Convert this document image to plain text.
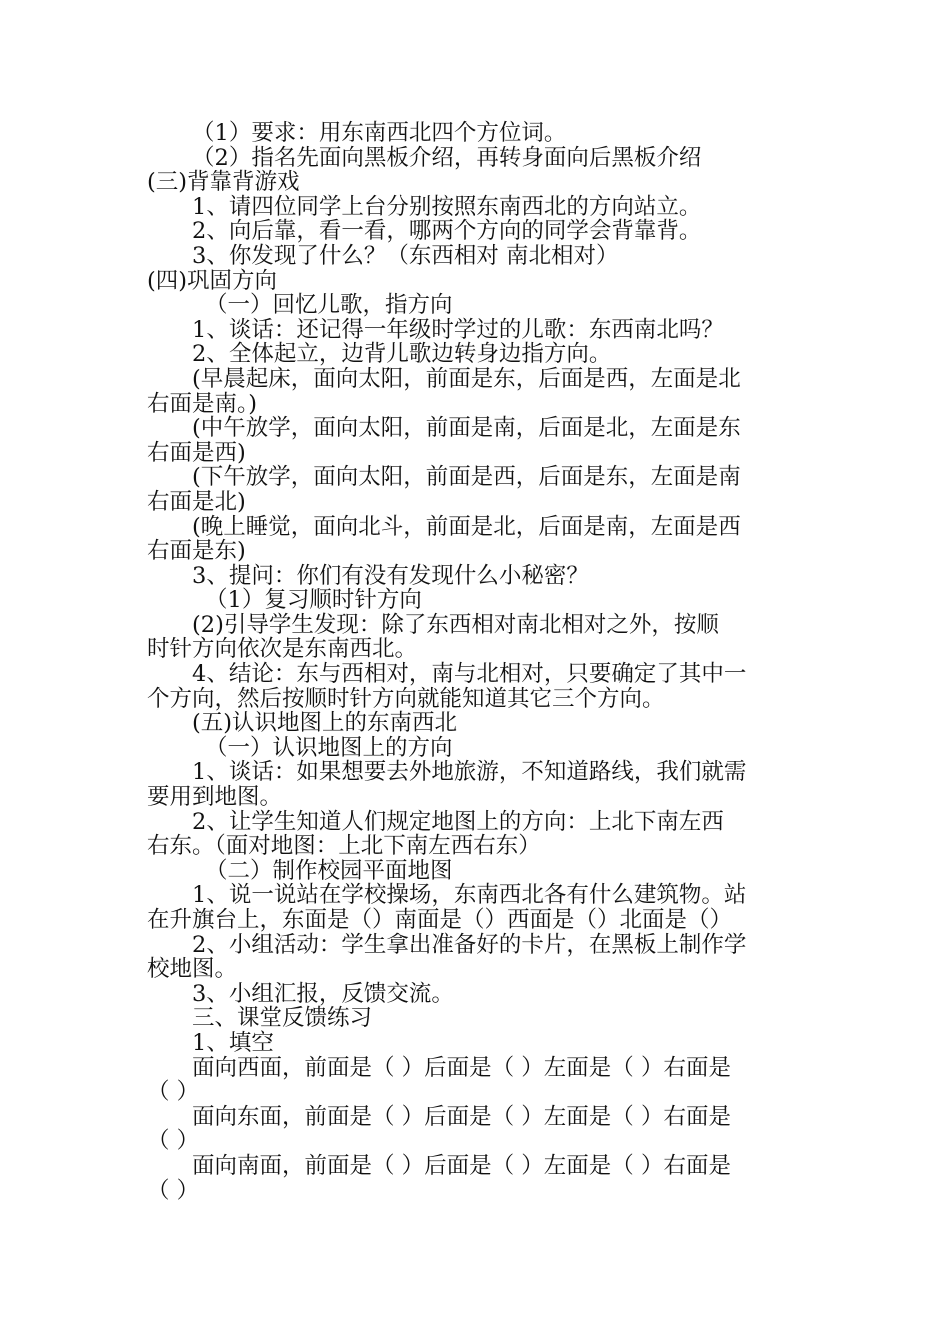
（1）要求：用东南西北四个方位词。
（2）指名先面向黑板介绍，再转身面向后黑板介绍
(三)背靠背游戏
1、请四位同学上台分别按照东南西北的方向站立。
2、向后靠，看一看，哪两个方向的同学会背靠背。
3、你发现了什么？（东西相对 南北相对）
(四)巩固方向
（一）回忆儿歌，指方向
1、谈话：还记得一年级时学过的儿歌：东西南北吗？
2、全体起立，边背儿歌边转身边指方向。
(早晨起床，面向太阳，前面是东，后面是西，左面是北
右面是南。)
(中午放学，面向太阳，前面是南，后面是北，左面是东
右面是西)
(下午放学，面向太阳，前面是西，后面是东，左面是南
右面是北)
(晚上睡觉，面向北斗，前面是北，后面是南，左面是西
右面是东)
3、提问：你们有没有发现什么小秘密？
（1）复习顺时针方向
(2)引导学生发现：除了东西相对南北相对之外，按顺
时针方向依次是东南西北。
4、结论：东与西相对，南与北相对，只要确定了其中一
个方向，然后按顺时针方向就能知道其它三个方向。
(五)认识地图上的东南西北
（一）认识地图上的方向
1、谈话：如果想要去外地旅游，不知道路线，我们就需
要用到地图。
2、让学生知道人们规定地图上的方向：上北下南左西
右东。（面对地图：上北下南左西右东）
（二）制作校园平面地图
1、说一说站在学校操场，东南西北各有什么建筑物。站
在升旗台上，东面是（）南面是（）西面是（）北面是（）
2、小组活动：学生拿出准备好的卡片，在黑板上制作学
校地图。
3、小组汇报，反馈交流。
三、课堂反馈练习
1、填空
面向西面，前面是（ ）后面是（ ）左面是（ ）右面是
（ ）
面向东面，前面是（ ）后面是（ ）左面是（ ）右面是
（ ）
面向南面，前面是（ ）后面是（ ）左面是（ ）右面是
（ ）
